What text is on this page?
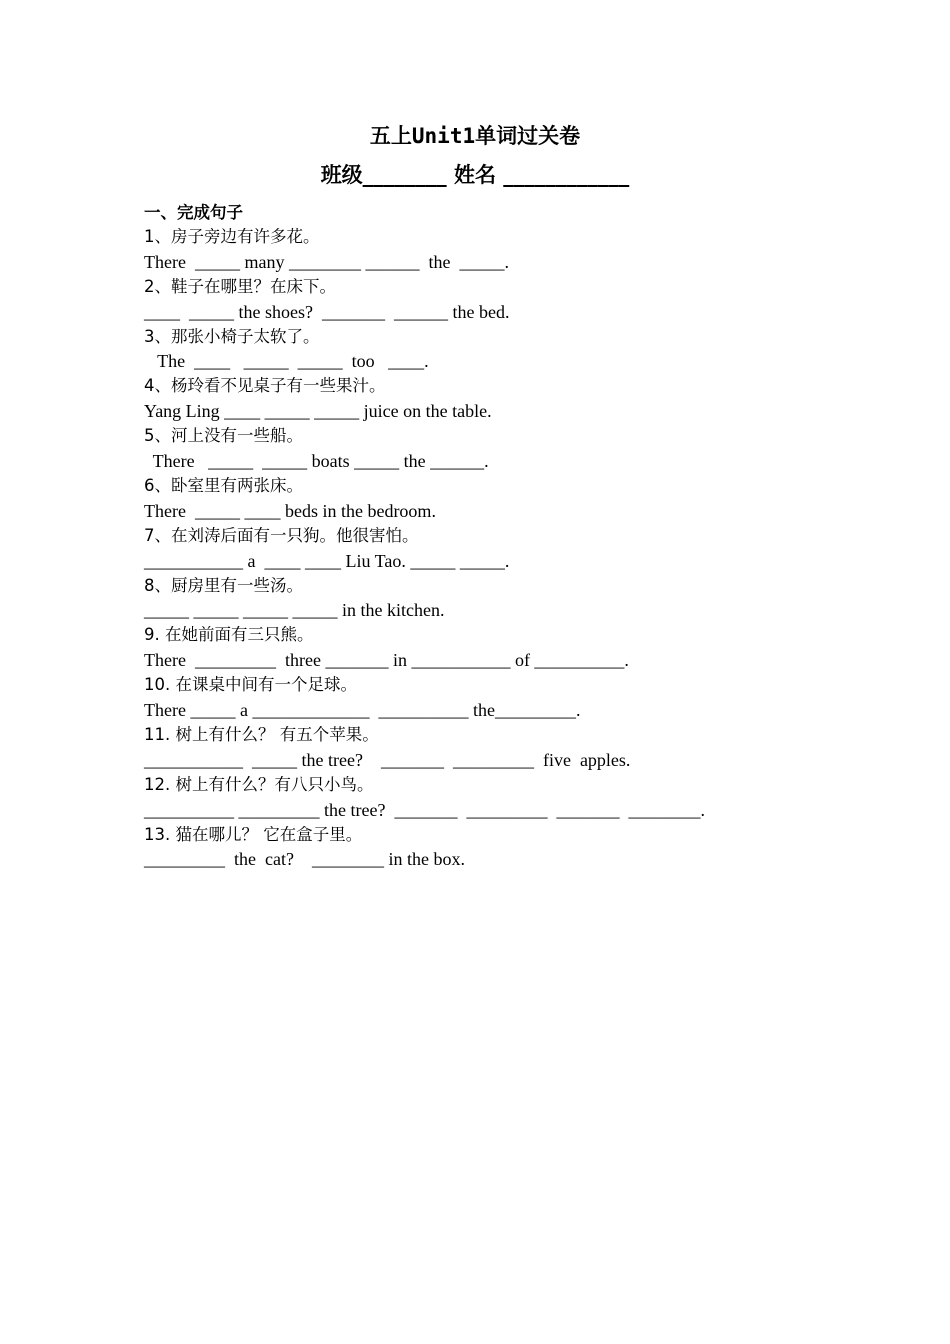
五上Unit1单词过关卷
班级________ 姓名 ____________
一、完成句子
1、房子旁边有许多花。
There  _____ many ________ ______  the  _____.
2、鞋子在哪里？在床下。
____  _____ the shoes?  _______  ______ the bed.
3、那张小椅子太软了。
The  ____   _____  _____  too   ____.
4、杨玲看不见桌子有一些果汁。
Yang Ling ____ _____ _____ juice on the table.
5、河上没有一些船。
There   _____  _____ boats _____ the ______.
6、卧室里有两张床。
There  _____ ____ beds in the bedroom.
7、在刘涛后面有一只狗。他很害怕。
___________ a  ____ ____ Liu Tao. _____ _____.
8、厨房里有一些汤。
_____ _____ _____ _____ in the kitchen.
9. 在她前面有三只熊。
There  _________  three _______ in ___________ of __________.
10. 在课桌中间有一个足球。
There _____ a _____________  __________ the_________.
11. 树上有什么？ 有五个苹果。
___________  _____ the tree?    _______  _________  five  apples.
12. 树上有什么？有八只小鸟。
__________ _________ the tree?  _______  _________  _______  ________.
13. 猫在哪儿？ 它在盒子里。
_________  the  cat?    ________ in the box.
